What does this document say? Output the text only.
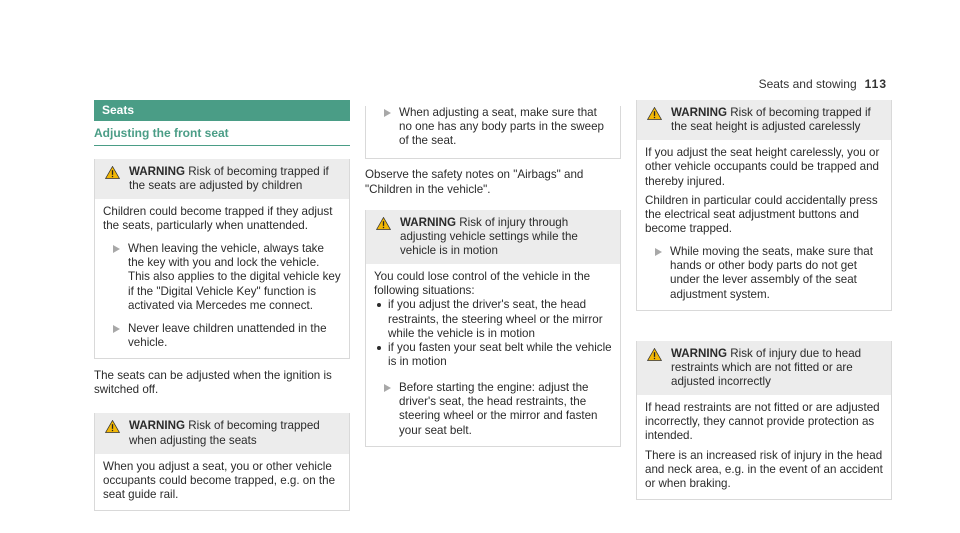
Seats and stowing 113
Seats
Adjusting the front seat
WARNING Risk of becoming trapped if the seats are adjusted by children
Children could become trapped if they adjust the seats, particularly when unattended.
When leaving the vehicle, always take the key with you and lock the vehicle. This also applies to the digital vehicle key if the "Digital Vehicle Key" function is activated via Mercedes me connect.
Never leave children unattended in the vehicle.
The seats can be adjusted when the ignition is switched off.
WARNING Risk of becoming trapped when adjusting the seats
When you adjust a seat, you or other vehicle occupants could become trapped, e.g. on the seat guide rail.
When adjusting a seat, make sure that no one has any body parts in the sweep of the seat.
Observe the safety notes on "Airbags" and "Children in the vehicle".
WARNING Risk of injury through adjusting vehicle settings while the vehicle is in motion
You could lose control of the vehicle in the following situations:
if you adjust the driver's seat, the head restraints, the steering wheel or the mirror while the vehicle is in motion
if you fasten your seat belt while the vehicle is in motion
Before starting the engine: adjust the driver's seat, the head restraints, the steering wheel or the mirror and fasten your seat belt.
WARNING Risk of becoming trapped if the seat height is adjusted carelessly
If you adjust the seat height carelessly, you or other vehicle occupants could be trapped and thereby injured.
Children in particular could accidentally press the electrical seat adjustment buttons and become trapped.
While moving the seats, make sure that hands or other body parts do not get under the lever assembly of the seat adjustment system.
WARNING Risk of injury due to head restraints which are not fitted or are adjusted incorrectly
If head restraints are not fitted or are adjusted incorrectly, they cannot provide protection as intended.
There is an increased risk of injury in the head and neck area, e.g. in the event of an accident or when braking.
